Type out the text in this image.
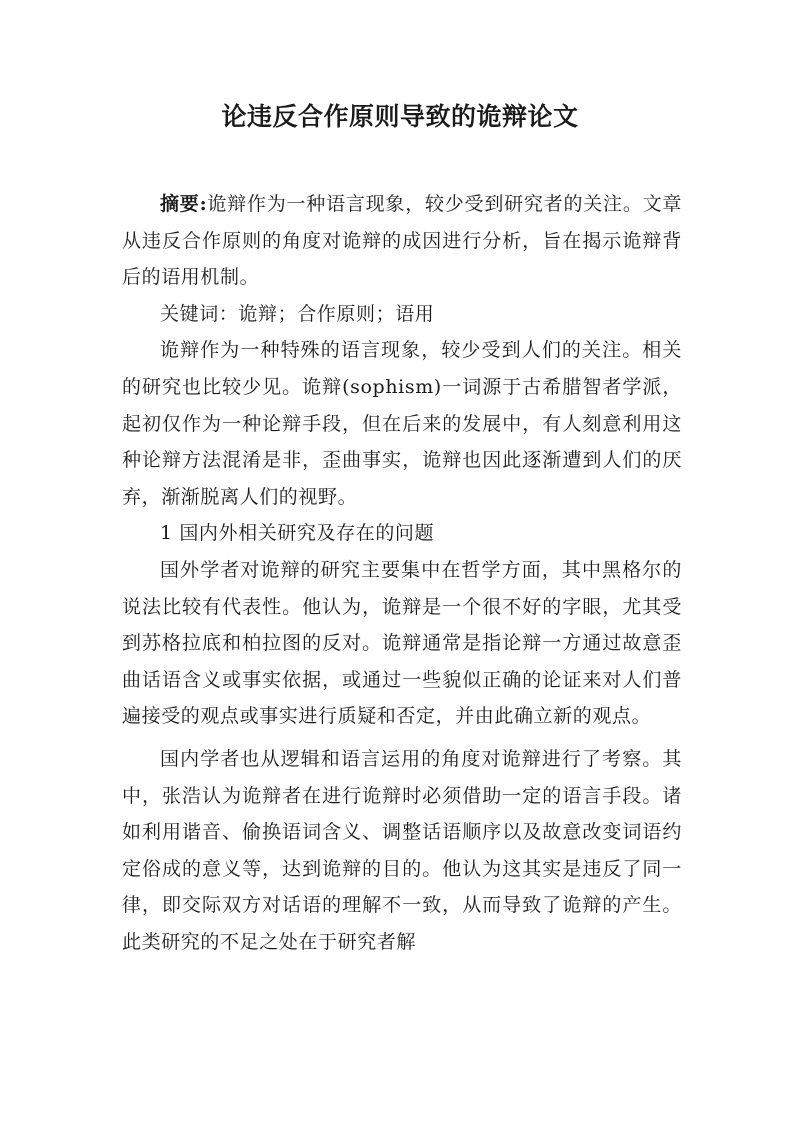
论违反合作原则导致的诡辩论文

摘要:诡辩作为一种语言现象，较少受到研究者的关注。文章从违反合作原则的角度对诡辩的成因进行分析，旨在揭示诡辩背后的语用机制。

关键词：诡辩；合作原则；语用

诡辩作为一种特殊的语言现象，较少受到人们的关注。相关的研究也比较少见。诡辩(sophism)一词源于古希腊智者学派，起初仅作为一种论辩手段，但在后来的发展中，有人刻意利用这种论辩方法混淆是非，歪曲事实，诡辩也因此逐渐遭到人们的厌弃，渐渐脱离人们的视野。

1 国内外相关研究及存在的问题

国外学者对诡辩的研究主要集中在哲学方面，其中黑格尔的说法比较有代表性。他认为，诡辩是一个很不好的字眼，尤其受到苏格拉底和柏拉图的反对。诡辩通常是指论辩一方通过故意歪曲话语含义或事实依据，或通过一些貌似正确的论证来对人们普遍接受的观点或事实进行质疑和否定，并由此确立新的观点。

国内学者也从逻辑和语言运用的角度对诡辩进行了考察。其中，张浩认为诡辩者在进行诡辩时必须借助一定的语言手段。诸如利用谐音、偷换语词含义、调整话语顺序以及故意改变词语约定俗成的意义等，达到诡辩的目的。他认为这其实是违反了同一律，即交际双方对话语的理解不一致，从而导致了诡辩的产生。此类研究的不足之处在于研究者解
